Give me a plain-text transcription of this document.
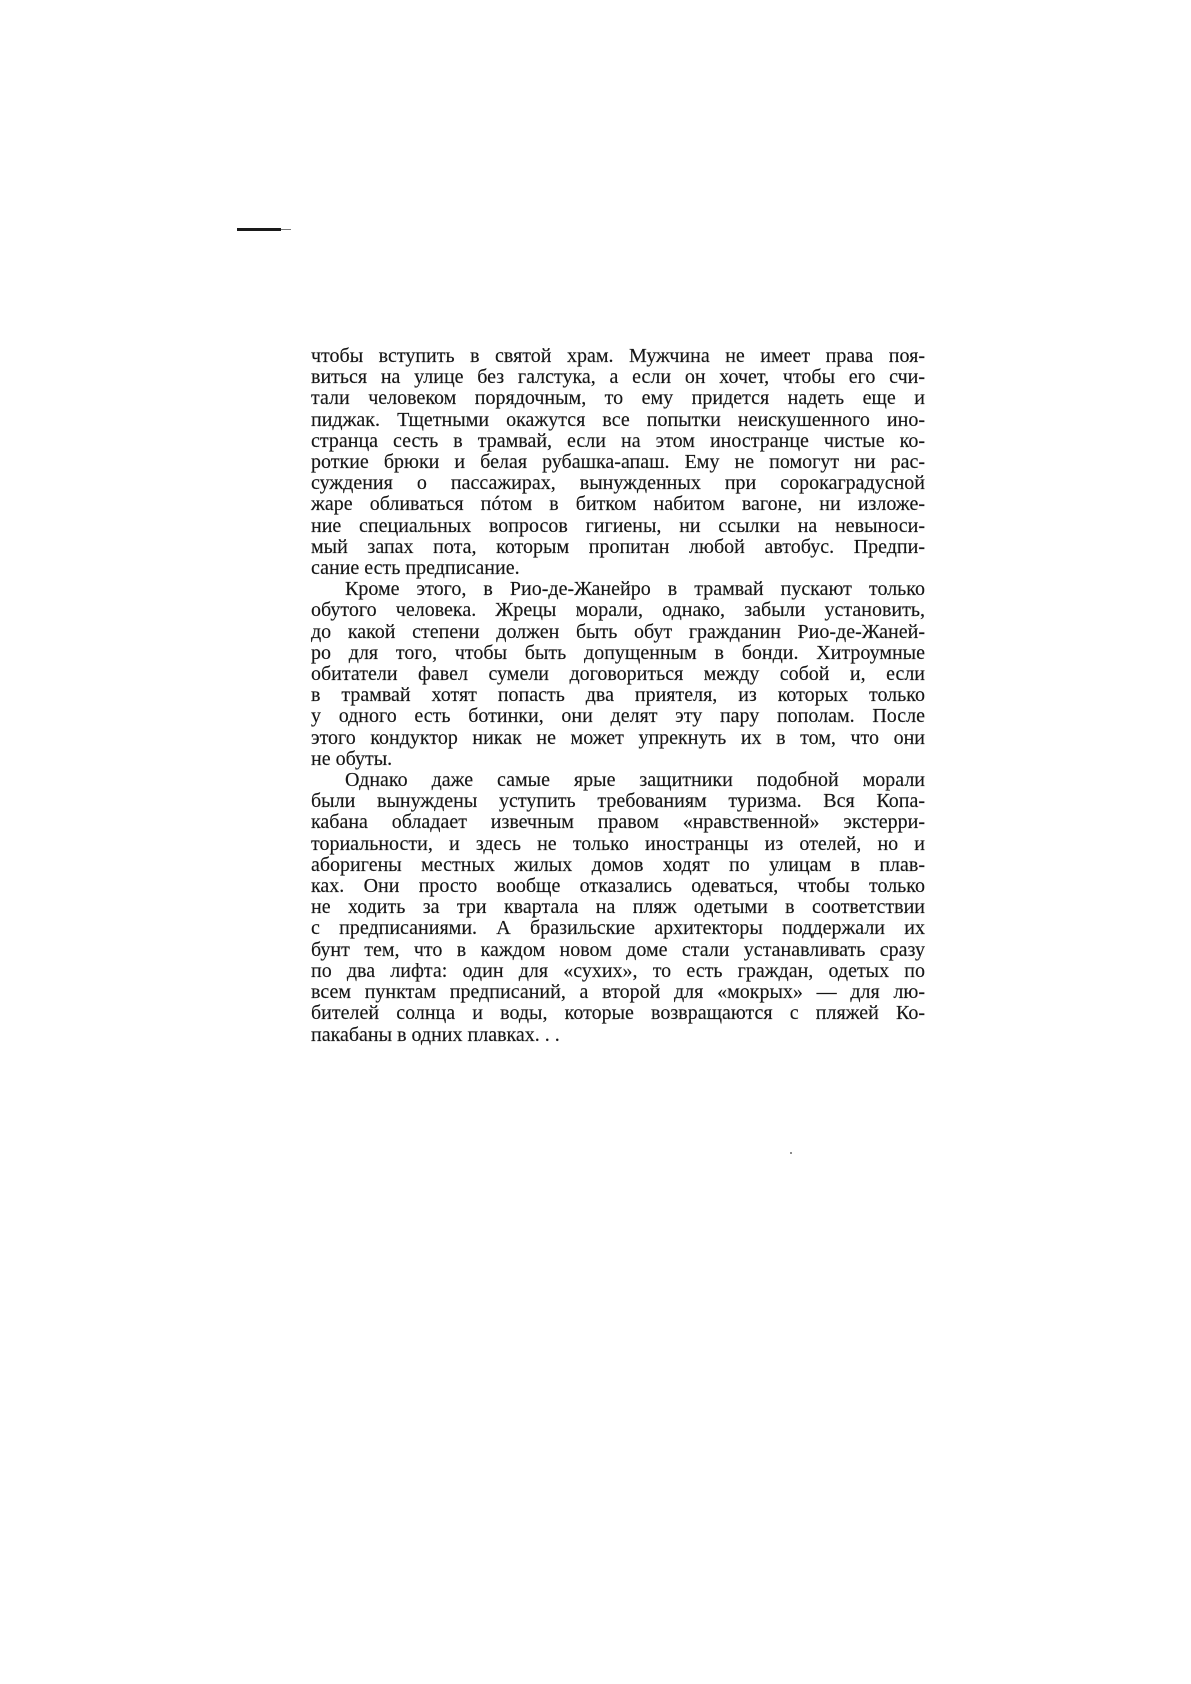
чтобы вступить в святой храм. Мужчина не имеет права поя-
виться на улице без галстука, а если он хочет, чтобы его счи-
тали человеком порядочным, то ему придется надеть еще и
пиджак. Тщетными окажутся все попытки неискушенного ино-
странца сесть в трамвай, если на этом иностранце чистые ко-
роткие брюки и белая рубашка-апаш. Ему не помогут ни рас-
суждения о пассажирах, вынужденных при сорокаградусной
жаре обливаться пóтом в битком набитом вагоне, ни изложе-
ние специальных вопросов гигиены, ни ссылки на невыноси-
мый запах пота, которым пропитан любой автобус. Предпи-
сание есть предписание.
Кроме этого, в Рио-де-Жанейро в трамвай пускают только
обутого человека. Жрецы морали, однако, забыли установить,
до какой степени должен быть обут гражданин Рио-де-Жаней-
ро для того, чтобы быть допущенным в бонди. Хитроумные
обитатели фавел сумели договориться между собой и, если
в трамвай хотят попасть два приятеля, из которых только
у одного есть ботинки, они делят эту пару пополам. После
этого кондуктор никак не может упрекнуть их в том, что они
не обуты.
Однако даже самые ярые защитники подобной морали
были вынуждены уступить требованиям туризма. Вся Копа-
кабана обладает извечным правом «нравственной» экстерри-
ториальности, и здесь не только иностранцы из отелей, но и
аборигены местных жилых домов ходят по улицам в плав-
ках. Они просто вообще отказались одеваться, чтобы только
не ходить за три квартала на пляж одетыми в соответствии
с предписаниями. А бразильские архитекторы поддержали их
бунт тем, что в каждом новом доме стали устанавливать сразу
по два лифта: один для «сухих», то есть граждан, одетых по
всем пунктам предписаний, а второй для «мокрых» — для лю-
бителей солнца и воды, которые возвращаются с пляжей Ко-
пакабаны в одних плавках. . .
